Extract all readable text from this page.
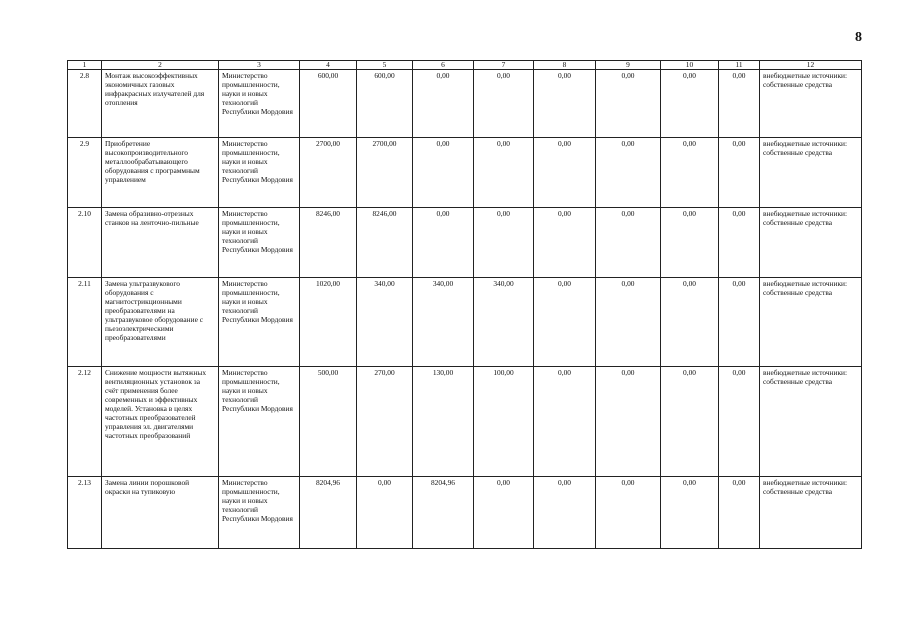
8
1	2	3	4	5	6	7	8	9	10	11	12
2.8	Монтаж высокоэффективных экономичных газовых инфракрасных излучателей для отопления	Министерство промышленности, науки и новых технологий Республики Мордовия	600,00	600,00	0,00	0,00	0,00	0,00	0,00	0,00	внебюджетные источники: собственные средства
2.9	Приобретение высокопроизводительного металлообрабатывающего оборудования с программным управлением	Министерство промышленности, науки и новых технологий Республики Мордовия	2700,00	2700,00	0,00	0,00	0,00	0,00	0,00	0,00	внебюджетные источники: собственные средства
2.10	Замена образивно-отрезных станков на ленточно-пильные	Министерство промышленности, науки и новых технологий Республики Мордовия	8246,00	8246,00	0,00	0,00	0,00	0,00	0,00	0,00	внебюджетные источники: собственные средства
2.11	Замена ультразвукового оборудования с магнитострикционными преобразователями на ультразвуковое оборудование с пьезоэлектрическими преобразователями	Министерство промышленности, науки и новых технологий Республики Мордовия	1020,00	340,00	340,00	340,00	0,00	0,00	0,00	0,00	внебюджетные источники: собственные средства
2.12	Снижение мощности вытяжных вентиляционных установок за счёт применения более современных и эффективных моделей. Установка в целях частотных преобразователей управления эл. двигателями частотных преобразований	Министерство промышленности, науки и новых технологий Республики Мордовия	500,00	270,00	130,00	100,00	0,00	0,00	0,00	0,00	внебюджетные источники: собственные средства
2.13	Замена линии порошковой окраски на тупиковую	Министерство промышленности, науки и новых технологий Республики Мордовия	8204,96	0,00	8204,96	0,00	0,00	0,00	0,00	0,00	внебюджетные источники: собственные средства
